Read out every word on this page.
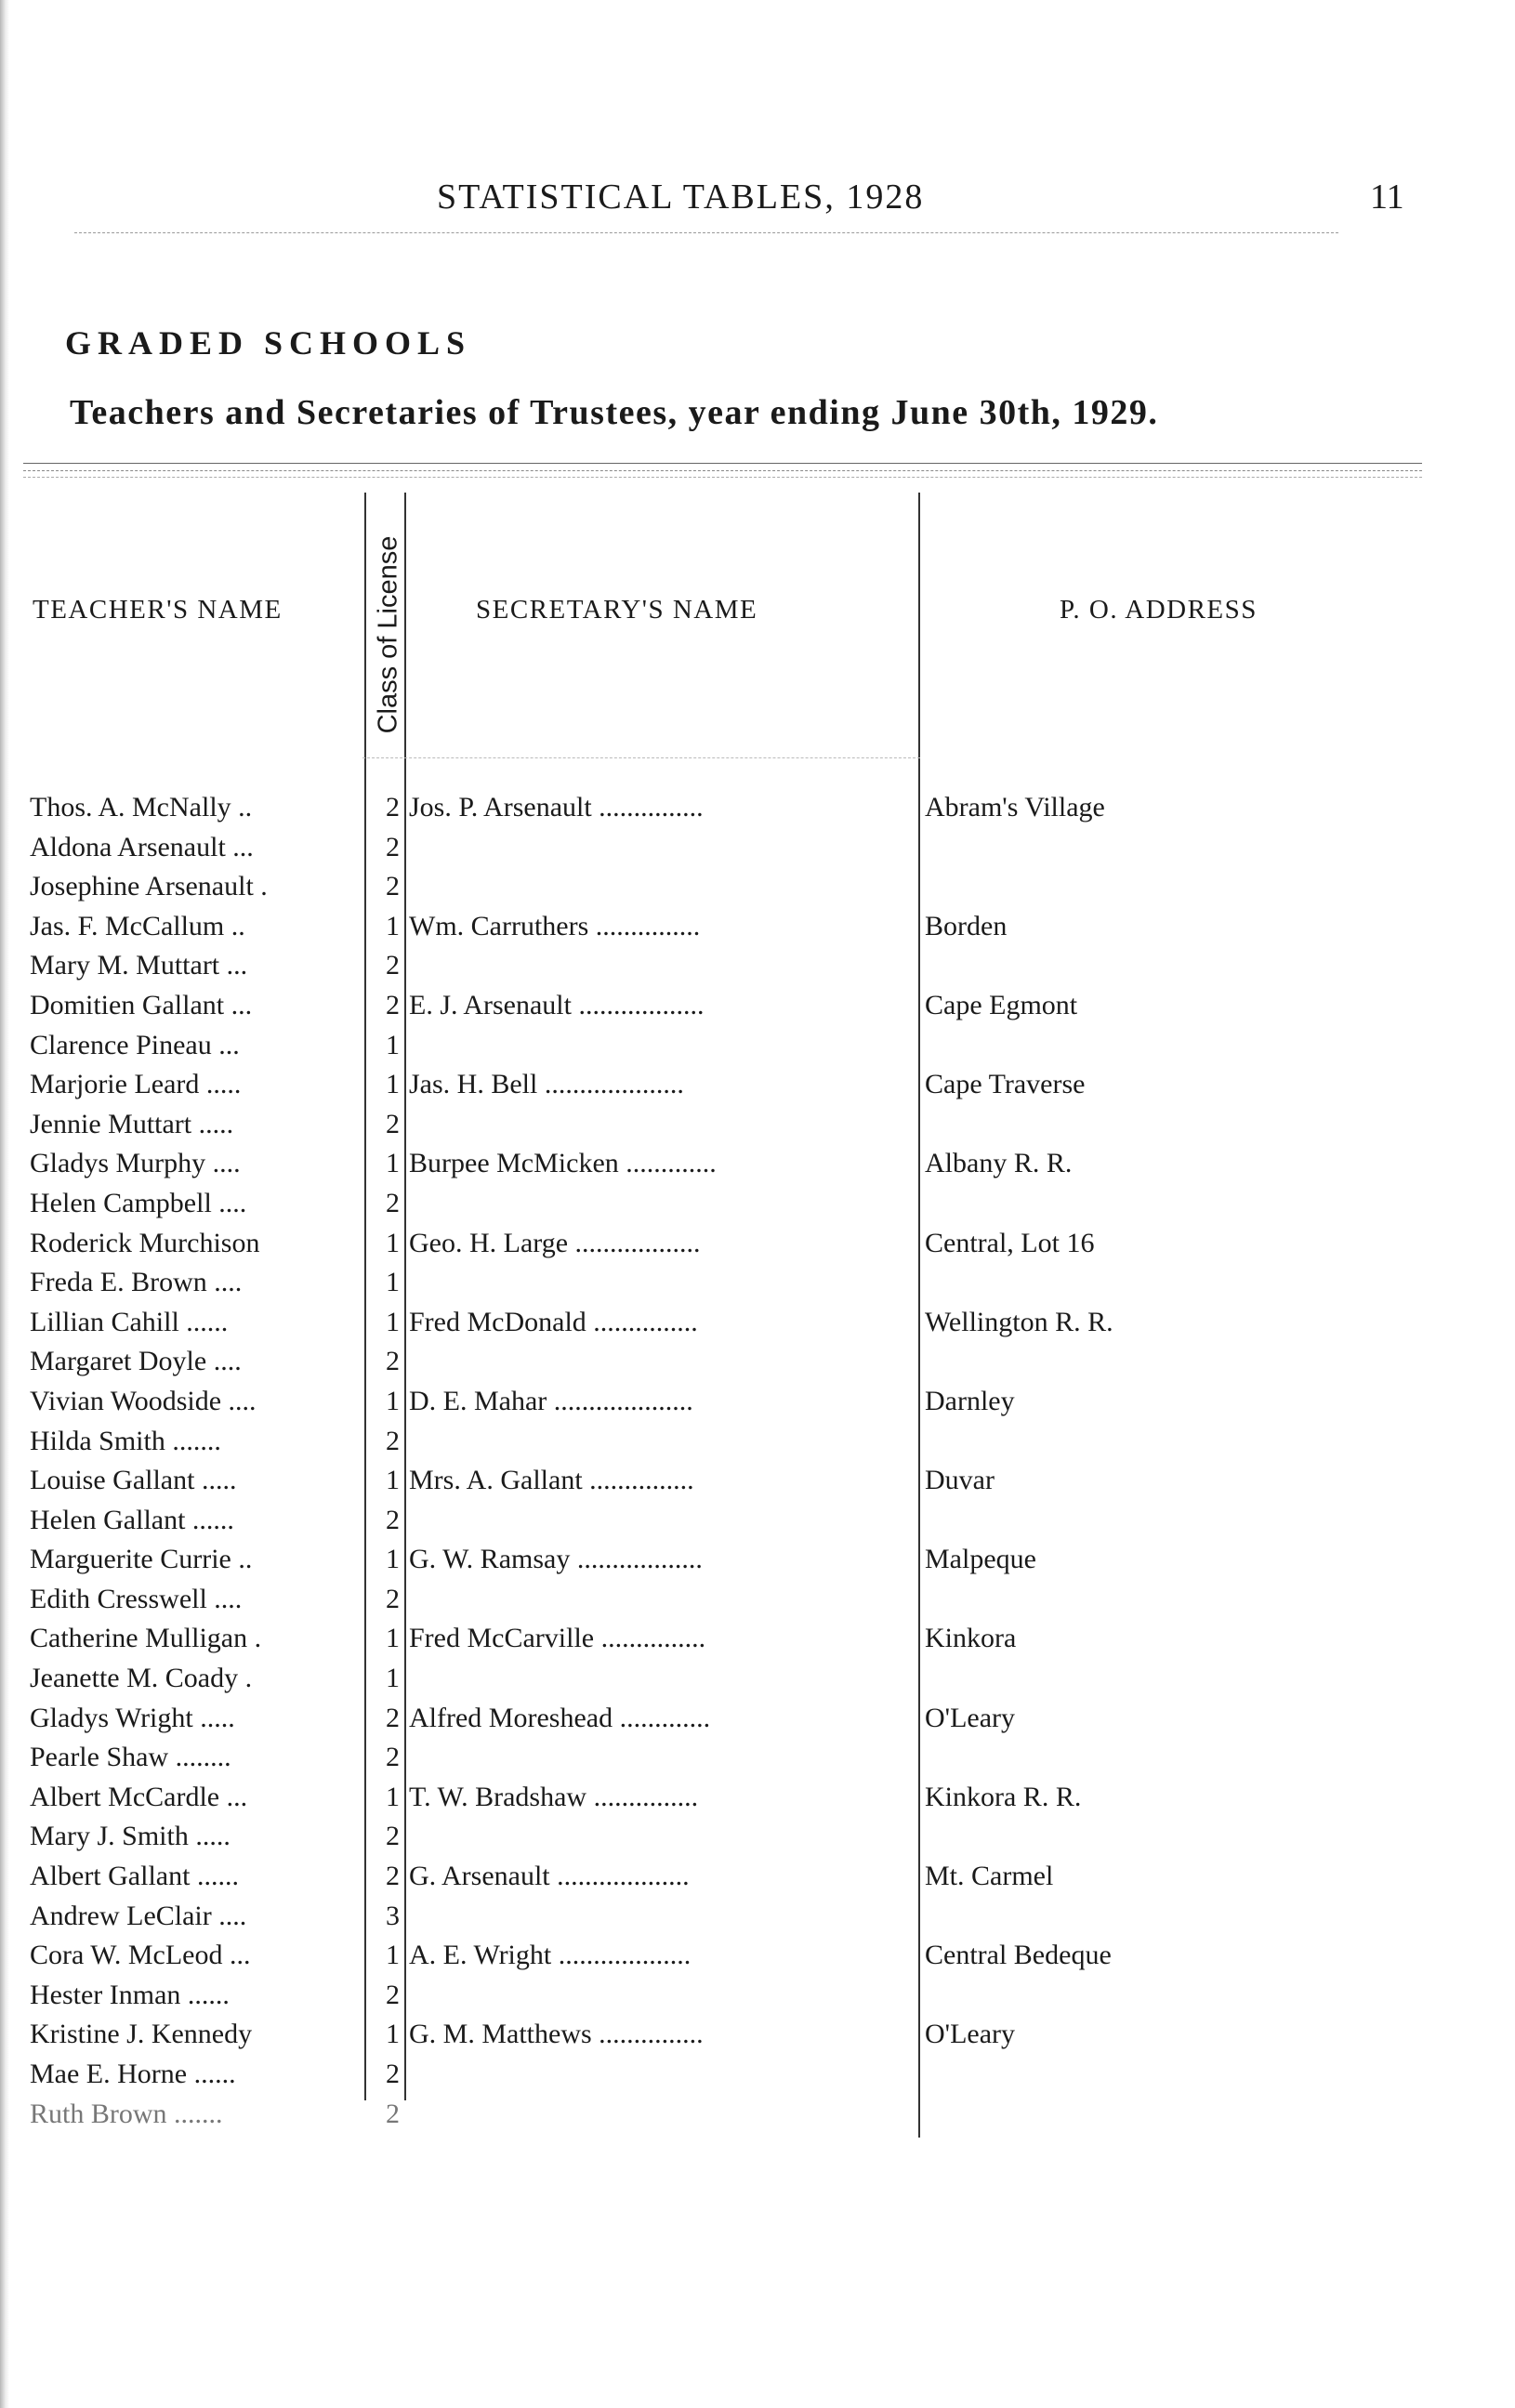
STATISTICAL TABLES, 1928	11
GRADED SCHOOLS
Teachers and Secretaries of Trustees, year ending June 30th, 1929.
TEACHER'S NAME	Class of License	SECRETARY'S NAME	P. O. ADDRESS
Thos. A. McNally ..	2 Jos. P. Arsenault ...............	Abram's Village
Aldona Arsenault ...	2
Josephine Arsenault .	2
Jas. F. McCallum ..	1 Wm. Carruthers ...............	Borden
Mary M. Muttart ...	2
Domitien Gallant ...	2 E. J. Arsenault ..................	Cape Egmont
Clarence Pineau ...	1
Marjorie Leard .....	1 Jas. H. Bell ....................	Cape Traverse
Jennie Muttart .....	2
Gladys Murphy ....	1 Burpee McMicken .............	Albany R. R.
Helen Campbell ....	2
Roderick Murchison	1 Geo. H. Large ..................	Central, Lot 16
Freda E. Brown ....	1
Lillian Cahill ......	1 Fred McDonald ...............	Wellington R. R.
Margaret Doyle ....	2
Vivian Woodside ....	1 D. E. Mahar ....................	Darnley
Hilda Smith .......	2
Louise Gallant .....	1 Mrs. A. Gallant ...............	Duvar
Helen Gallant ......	2
Marguerite Currie ..	1 G. W. Ramsay ..................	Malpeque
Edith Cresswell ....	2
Catherine Mulligan .	1 Fred McCarville ...............	Kinkora
Jeanette M. Coady .	1
Gladys Wright .....	2 Alfred Moreshead .............	O'Leary
Pearle Shaw ........	2
Albert McCardle ...	1 T. W. Bradshaw ...............	Kinkora R. R.
Mary J. Smith .....	2
Albert Gallant ......	2 G. Arsenault ...................	Mt. Carmel
Andrew LeClair ....	3
Cora W. McLeod ...	1 A. E. Wright ...................	Central Bedeque
Hester Inman ......	2
Kristine J. Kennedy	1 G. M. Matthews ...............	O'Leary
Mae E. Horne ......	2
Ruth Brown .......	2
